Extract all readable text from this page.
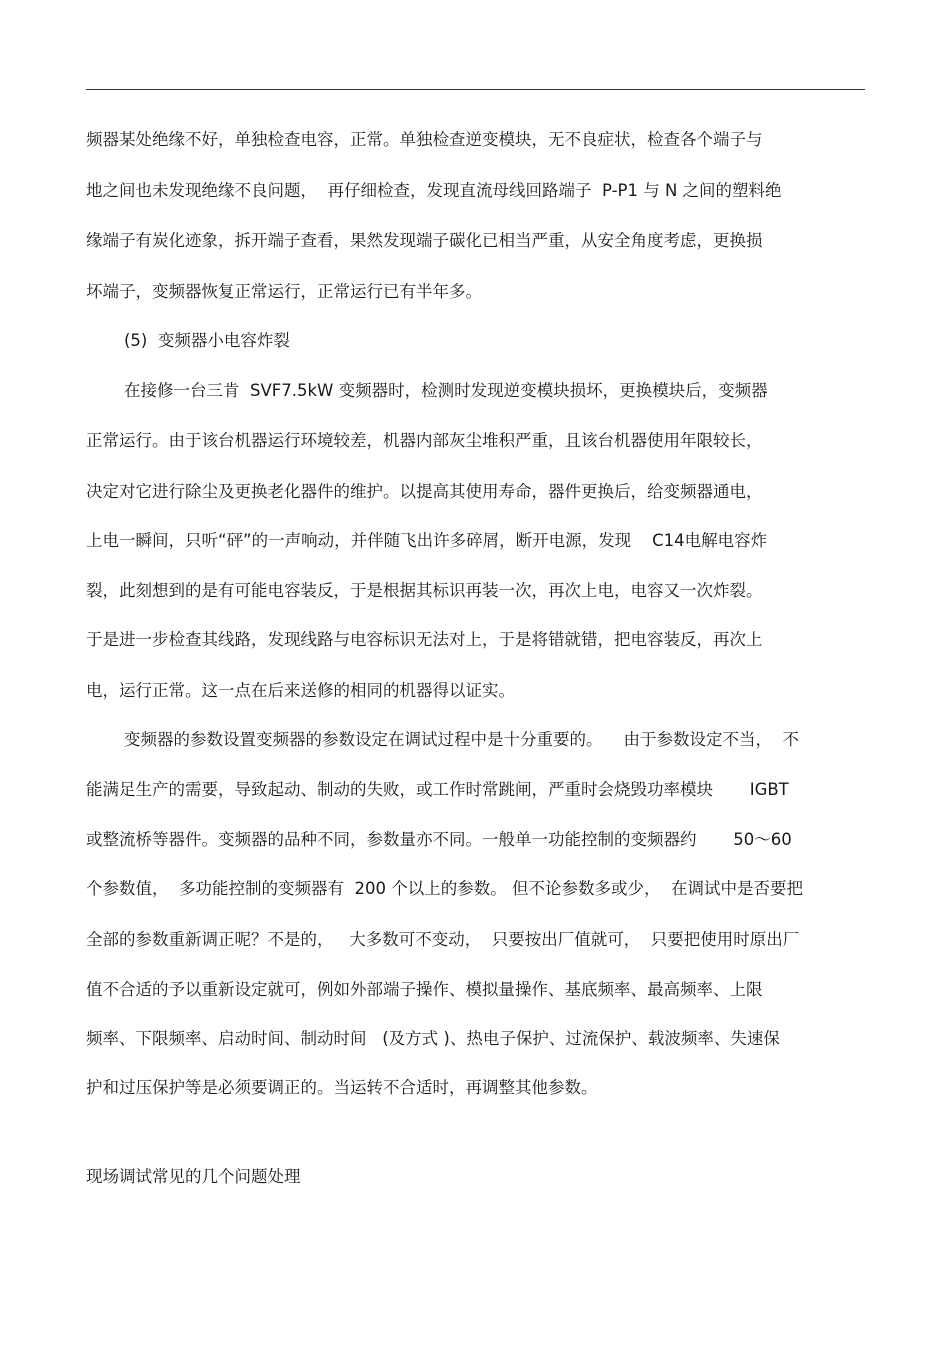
频器某处绝缘不好，单独检查电容，正常。单独检查逆变模块，无不良症状，检查各个端子与
地之间也未发现绝缘不良问题，  再仔细检查，发现直流母线回路端子  P-P1 与 N 之间的塑料绝
缘端子有炭化迹象，拆开端子查看，果然发现端子碳化已相当严重，从安全角度考虑，更换损
坏端子，变频器恢复正常运行，正常运行已有半年多。
(5)  变频器小电容炸裂
在接修一台三肯  SVF7.5kW 变频器时，检测时发现逆变模块损坏，更换模块后，变频器
正常运行。由于该台机器运行环境较差，机器内部灰尘堆积严重，且该台机器使用年限较长，
决定对它进行除尘及更换老化器件的维护。以提高其使用寿命，器件更换后，给变频器通电，
上电一瞬间，只听“砰”的一声响动，并伴随飞出许多碎屑，断开电源，发现    C14电解电容炸
裂，此刻想到的是有可能电容装反，于是根据其标识再装一次，再次上电，电容又一次炸裂。
于是进一步检查其线路，发现线路与电容标识无法对上，于是将错就错，把电容装反，再次上
电，运行正常。这一点在后来送修的相同的机器得以证实。
变频器的参数设置变频器的参数设定在调试过程中是十分重要的。    由于参数设定不当，  不
能满足生产的需要，导致起动、制动的失败，或工作时常跳闸，严重时会烧毁功率模块       IGBT
或整流桥等器件。变频器的品种不同，参数量亦不同。一般单一功能控制的变频器约       50～60
个参数值，  多功能控制的变频器有  200 个以上的参数。 但不论参数多或少，  在调试中是否要把
全部的参数重新调正呢？不是的，   大多数可不变动，  只要按出厂值就可，  只要把使用时原出厂
值不合适的予以重新设定就可，例如外部端子操作、模拟量操作、基底频率、最高频率、上限
频率、下限频率、启动时间、制动时间   (及方式 )、热电子保护、过流保护、载波频率、失速保
护和过压保护等是必须要调正的。当运转不合适时，再调整其他参数。
现场调试常见的几个问题处理
